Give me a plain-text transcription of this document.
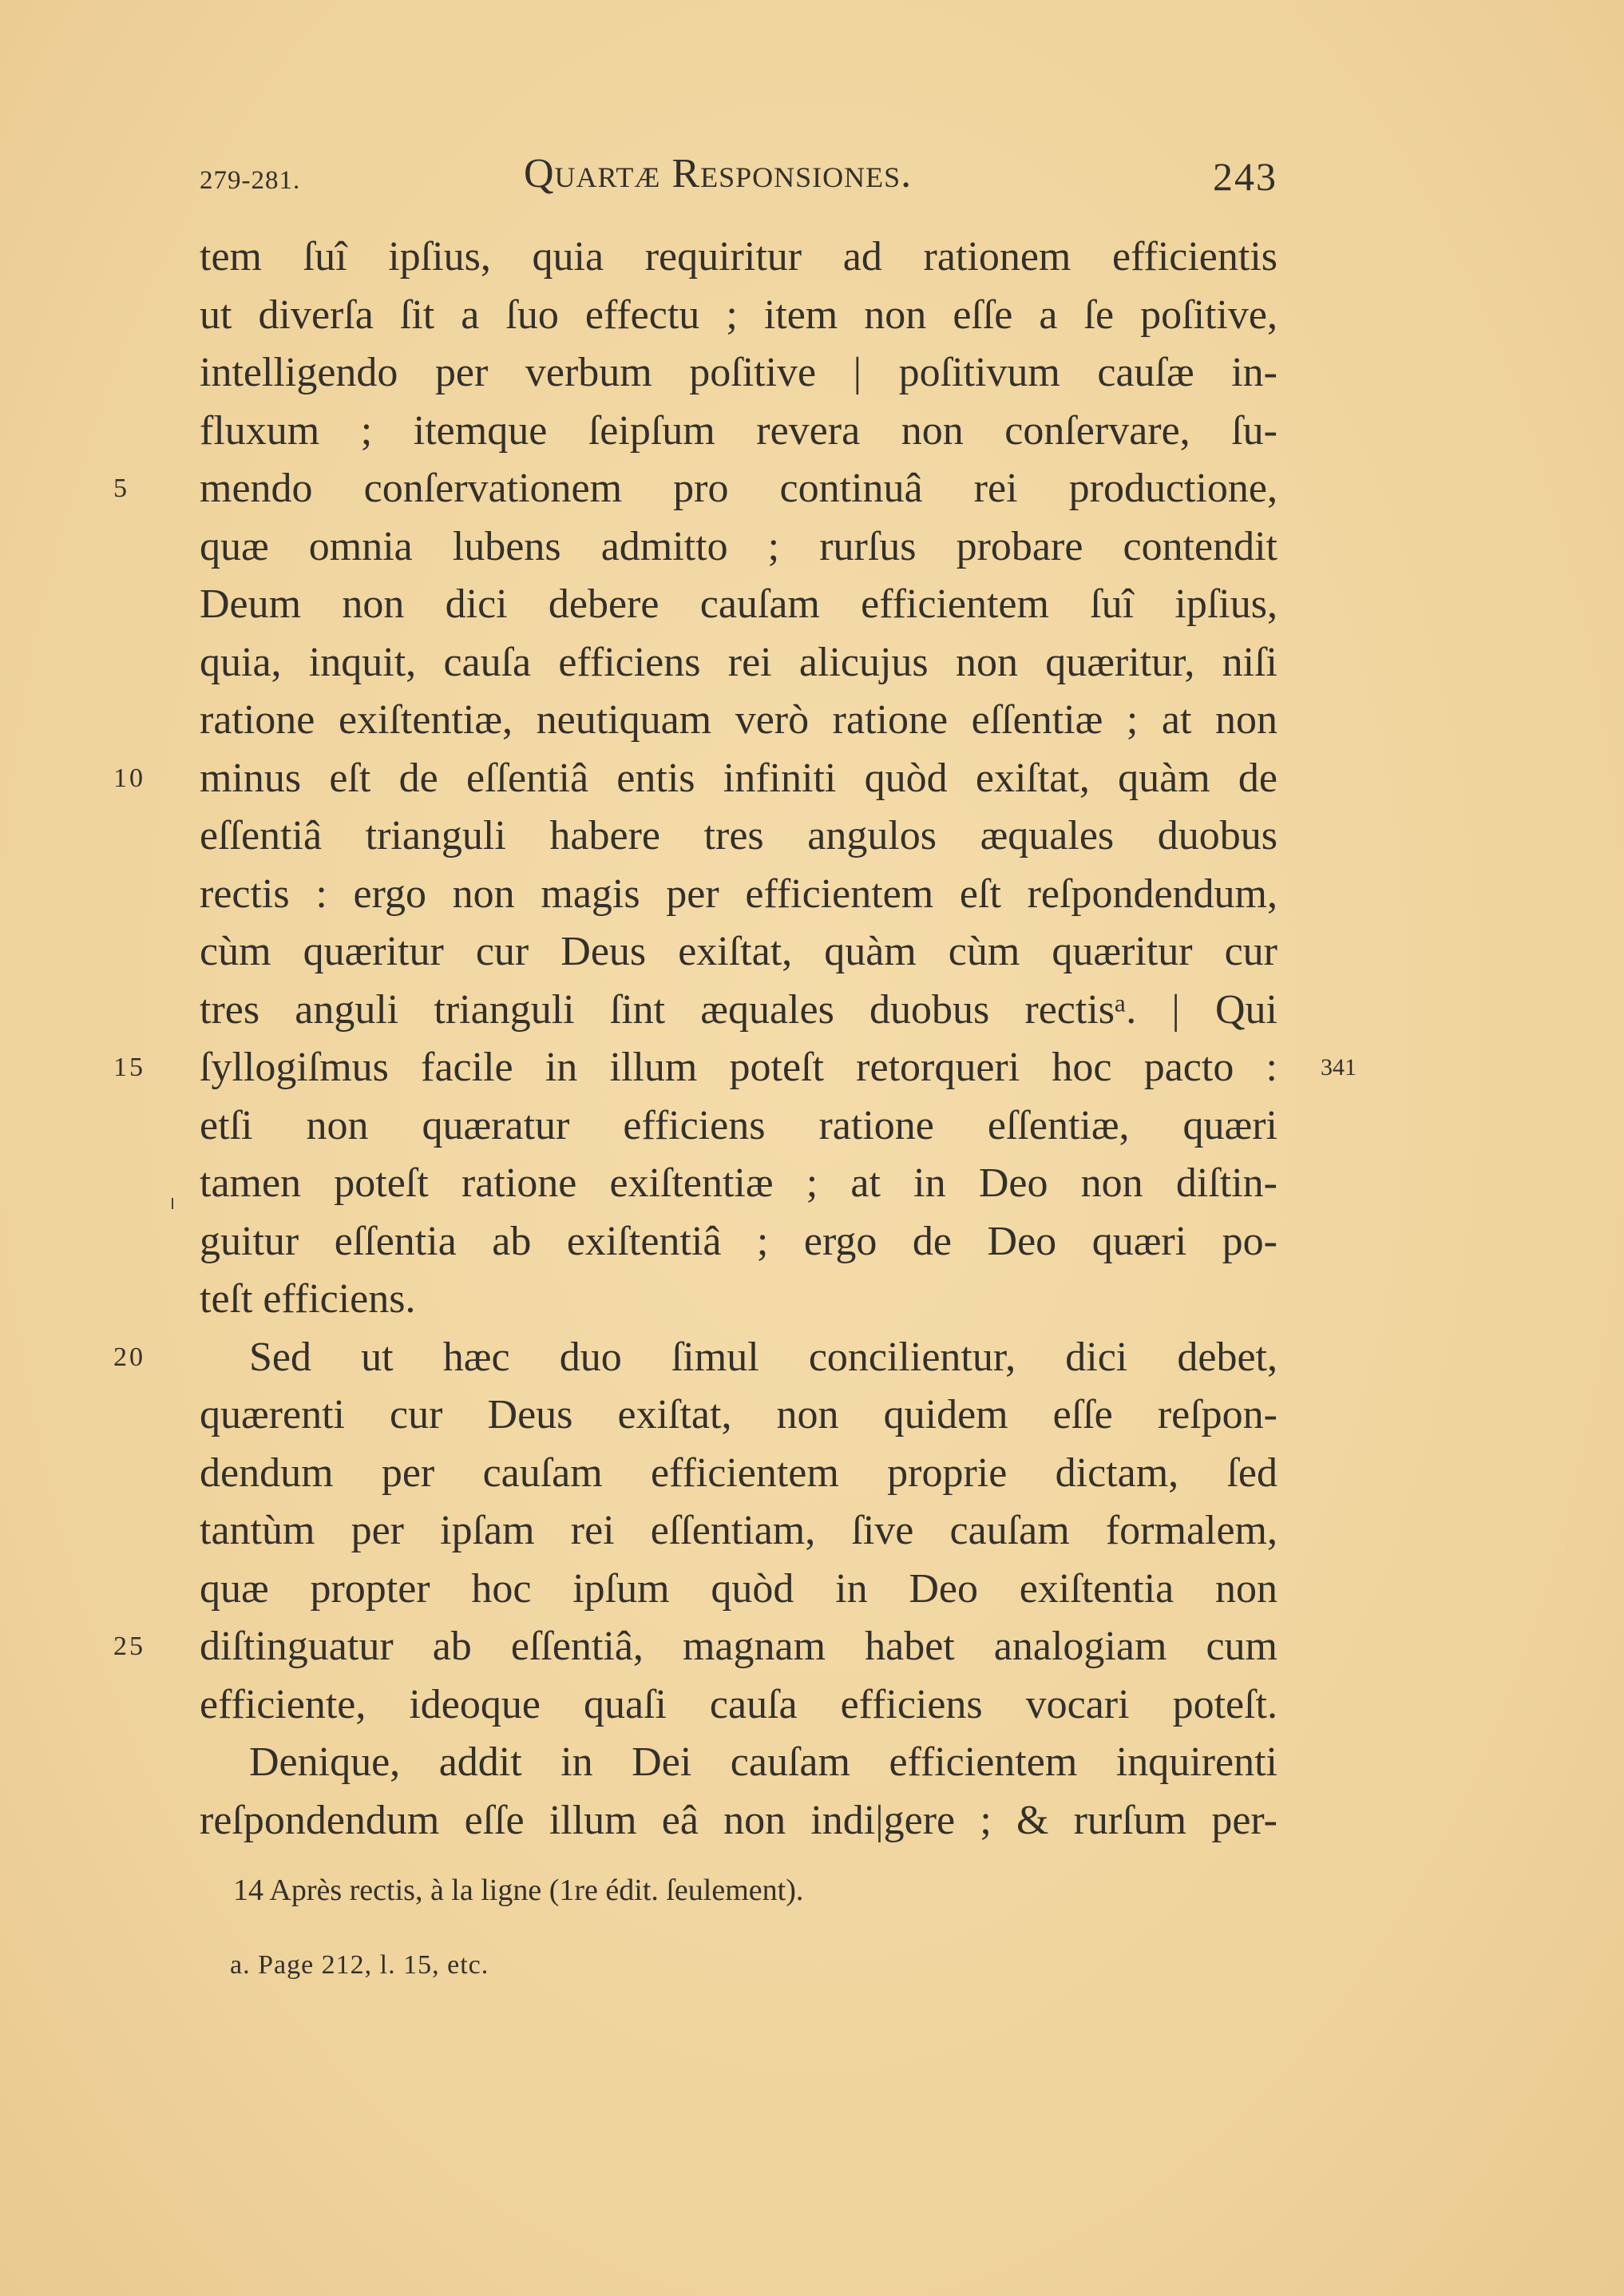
279-281.	Quartæ Responsiones.	243
tem ſuî ipſius, quia requiritur ad rationem efficientis
ut diverſa ſit a ſuo effectu ; item non eſſe a ſe poſitive,
intelligendo per verbum poſitive | poſitivum cauſæ in-
fluxum ; itemque ſeipſum revera non conſervare, ſu-
5	mendo conſervationem pro continuâ rei productione,
quæ omnia lubens admitto ; rurſus probare contendit
Deum non dici debere cauſam efficientem ſuî ipſius,
quia, inquit, cauſa efficiens rei alicujus non quæritur, niſi
ratione exiſtentiæ, neutiquam verò ratione eſſentiæ ; at non
10	minus eſt de eſſentiâ entis infiniti quòd exiſtat, quàm de
eſſentiâ trianguli habere tres angulos æquales duobus
rectis : ergo non magis per efficientem eſt reſpondendum,
cùm quæritur cur Deus exiſtat, quàm cùm quæritur cur
tres anguli trianguli ſint æquales duobus rectisᵃ. | Qui
341
15	ſyllogiſmus facile in illum poteſt retorqueri hoc pacto :
etſi non quæratur efficiens ratione eſſentiæ, quæri
tamen poteſt ratione exiſtentiæ ; at in Deo non diſtin-
guitur eſſentia ab exiſtentiâ ; ergo de Deo quæri po-
teſt efficiens.
20	Sed ut hæc duo ſimul concilientur, dici debet,
quærenti cur Deus exiſtat, non quidem eſſe reſpon-
dendum per cauſam efficientem proprie dictam, ſed
tantùm per ipſam rei eſſentiam, ſive cauſam formalem,
quæ propter hoc ipſum quòd in Deo exiſtentia non
25	diſtinguatur ab eſſentiâ, magnam habet analogiam cum
efficiente, ideoque quaſi cauſa efficiens vocari poteſt.
Denique, addit in Dei cauſam efficientem inquirenti
reſpondendum eſſe illum eâ non indi|gere ; & rurſum per-
14 Après rectis, à la ligne (1re édit. ſeulement).
a. Page 212, l. 15, etc.
